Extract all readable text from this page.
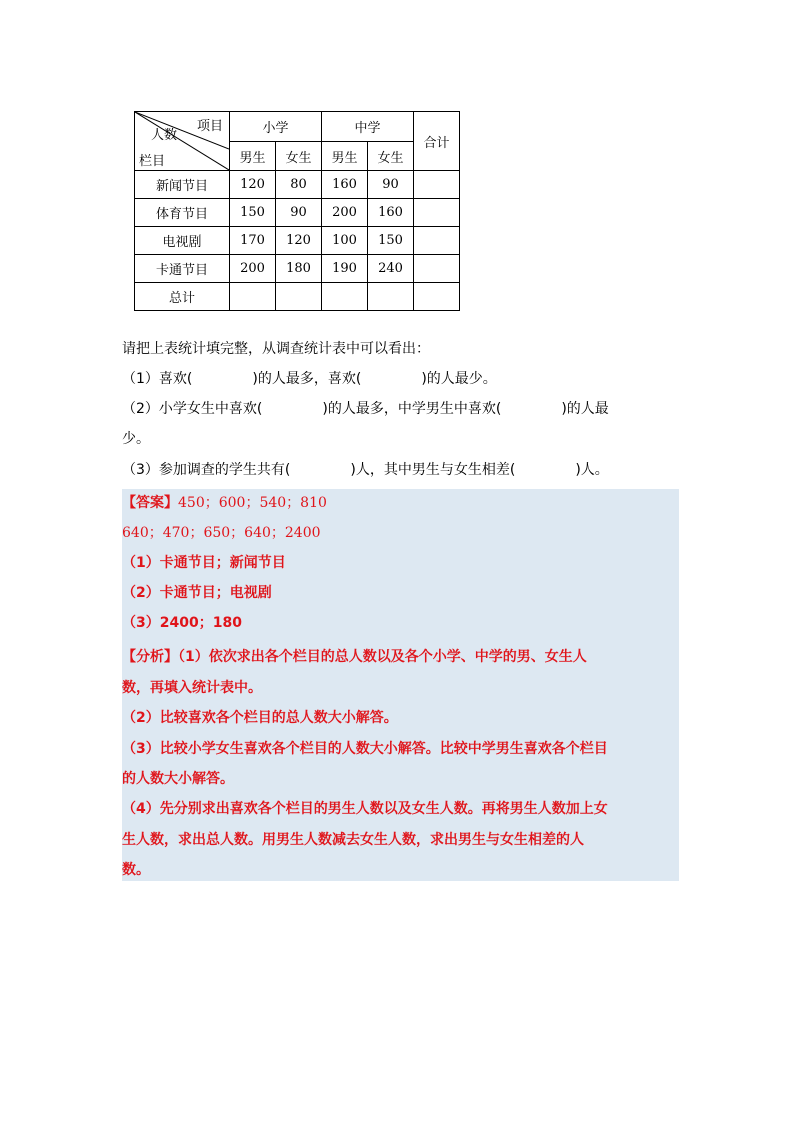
项目
人数
栏目	小学		中学		合计
	男生	女生	男生	女生	
新闻节目	120	80	160	90	
体育节目	150	90	200	160	
电视剧	170	120	100	150	
卡通节目	200	180	190	240	
总计					
请把上表统计填完整，从调查统计表中可以看出：
（1）喜欢(	)的人最多，喜欢(	)的人最少。
（2）小学女生中喜欢(	)的人最多，中学男生中喜欢(	)的人最
少。
（3）参加调查的学生共有(	)人，其中男生与女生相差(	)人。
【答案】450；600；540；810
640；470；650；640；2400
（1）卡通节目；新闻节目
（2）卡通节目；电视剧
（3）2400；180
【分析】（1）依次求出各个栏目的总人数以及各个小学、中学的男、女生人
数，再填入统计表中。
（2）比较喜欢各个栏目的总人数大小解答。
（3）比较小学女生喜欢各个栏目的人数大小解答。比较中学男生喜欢各个栏目
的人数大小解答。
（4）先分别求出喜欢各个栏目的男生人数以及女生人数。再将男生人数加上女
生人数，求出总人数。用男生人数减去女生人数，求出男生与女生相差的人
数。
